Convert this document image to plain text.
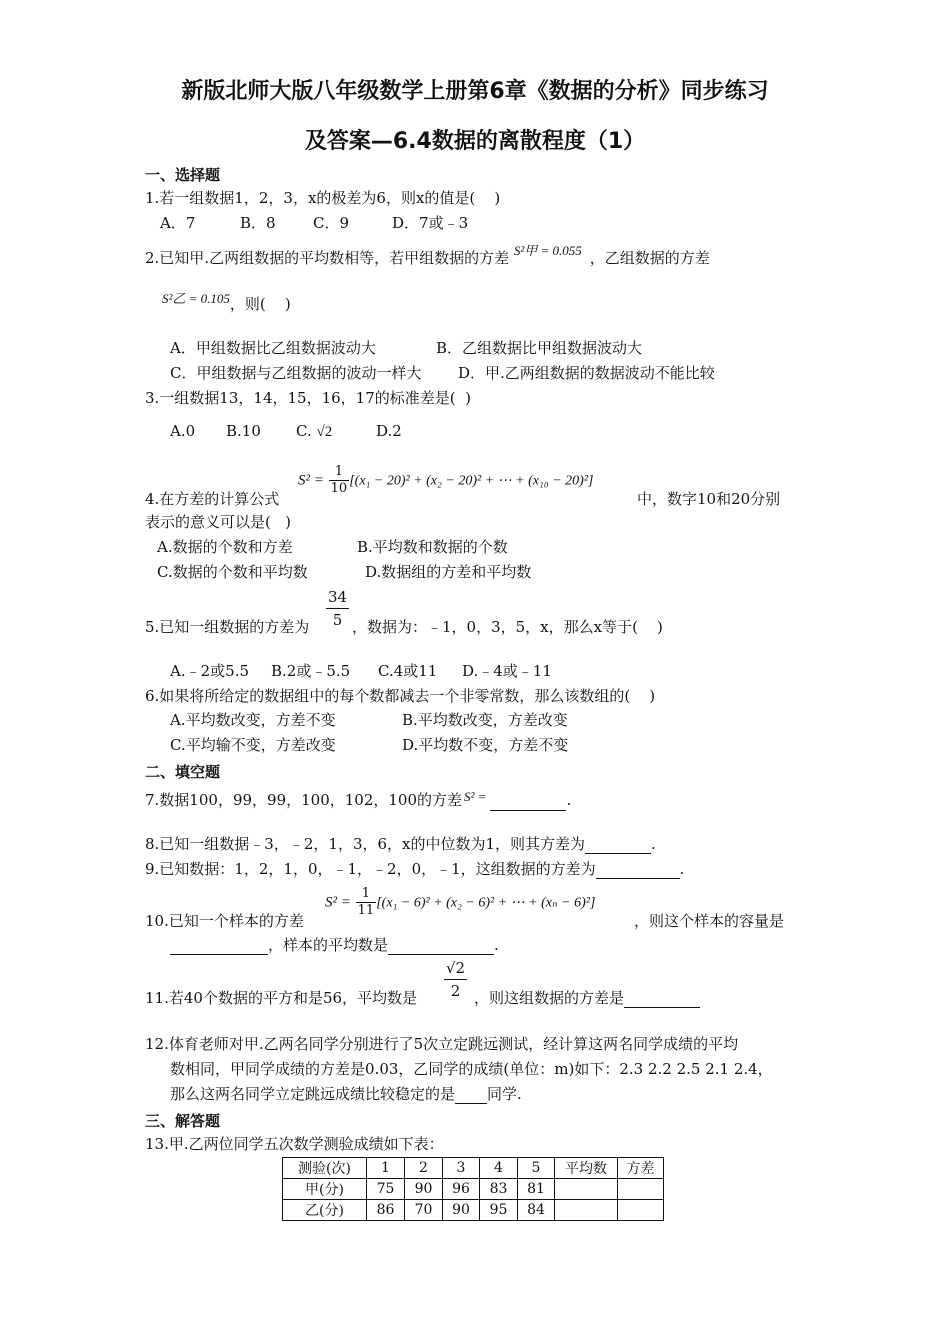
新版北师大版八年级数学上册第6章《数据的分析》同步练习
及答案—6.4数据的离散程度（1）
一、选择题
1.若一组数据1，2，3，x的极差为6，则x的值是(    )
A．7	B．8 C．9	D．7或﹣3
2.已知甲.乙两组数据的平均数相等，若甲组数据的方差 S²甲 = 0.055 ，乙组数据的方差
S²乙 = 0.105，则(    )
A．甲组数据比乙组数据波动大	B．乙组数据比甲组数据波动大
C．甲组数据与乙组数据的波动一样大 D．甲.乙两组数据的数据波动不能比较
3.一组数据13，14，15，16，17的标准差是(  )
A.0 B.10 C. √2	D.2
4.在方差的计算公式
$S^2 = \frac{1}{10} [(x_1 - 20)^2 + (x_2 - 20)^2$ + ⋯ + (x₁₀ − 20)²]
中，数字10和20分别
表示的意义可以是(   )
A.数据的个数和方差	B.平均数和数据的个数
C.数据的个数和平均数	D.数据组的方差和平均数
5.已知一组数据的方差为 $\frac{34}{5}$ ，数据为：﹣1，0，3，5，x，那么x等于(    )
A.﹣2或5.5 B.2或﹣5.5 C.4或11 D.﹣4或﹣11
6.如果将所给定的数据组中的每个数都减去一个非零常数，那么该数组的(    )
A.平均数改变，方差不变	B.平均数改变，方差改变
C.平均输不变，方差改变	D.平均数不变，方差不变
二、填空题
7.数据100，99，99，100，102，100的方差 S² =	.
8.已知一组数据﹣3，﹣2，1，3，6，x的中位数为1，则其方差为	.
9.已知数据：1，2，1，0，﹣1，﹣2，0，﹣1，这组数据的方差为	.
10.已知一个样本的方差
$S^2 = \frac{1}{11} [(x_1 - 6)^2 + (x_2 - 6)^2$ + ⋯ + (xₙ − 6)²]
，则这个样本的容量是
，样本的平均数是	.
11.若40个数据的平方和是56，平均数是 $\frac{√2}{2}$ ，则这组数据的方差是
12.体育老师对甲.乙两名同学分别进行了5次立定跳远测试，经计算这两名同学成绩的平均
数相同，甲同学成绩的方差是0.03，乙同学的成绩(单位：m)如下：2.3 2.2 2.5 2.1 2.4，
那么这两名同学立定跳远成绩比较稳定的是 同学.
三、解答题
13.甲.乙两位同学五次数学测验成绩如下表：
测验(次)	1	2	3	4	5	平均数	方差
甲(分)	75	90	96	83	81		
乙(分)	86	70	90	95	84		
